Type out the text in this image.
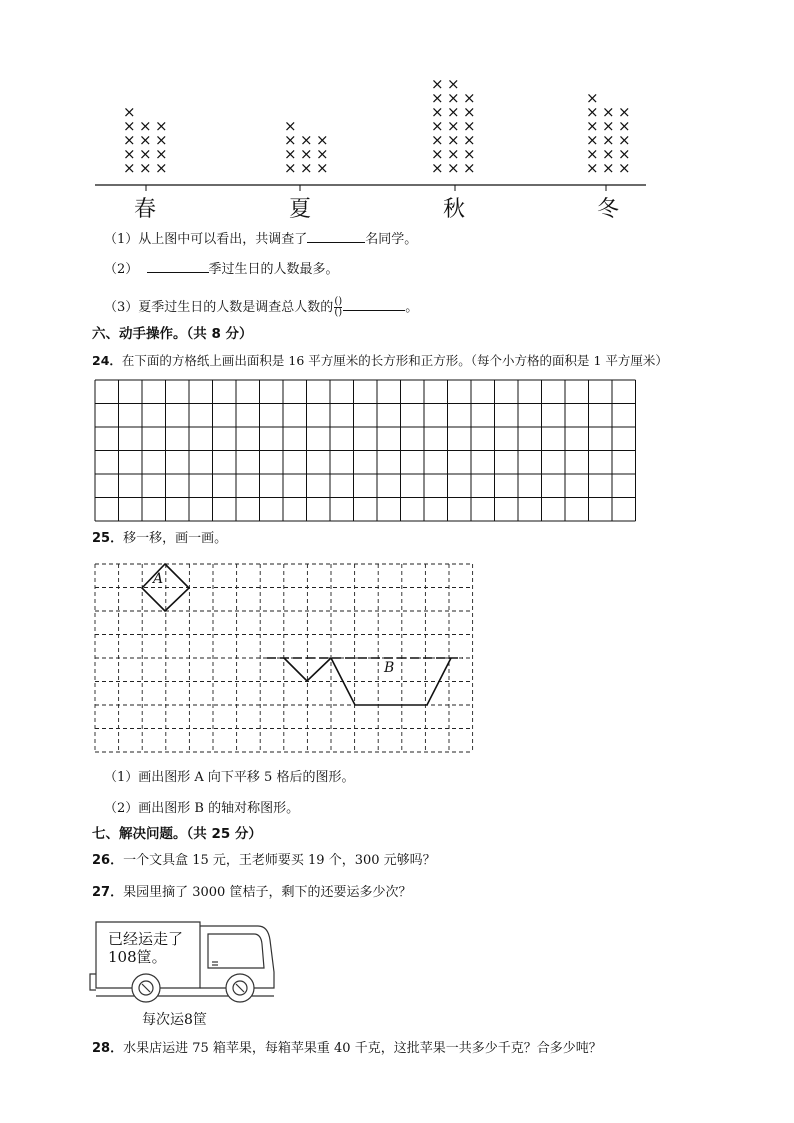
× × ×
× × ×
× × ×
× × ×
×
× × ×
× × ×
× × ×
×
× × ×
× × ×
× × ×
× × ×
× × ×
× × ×
× ×
× × ×
× × ×
× × ×
× × ×
× × ×
×
春	夏	秋	冬
（1）从上图中可以看出，共调查了	名同学。
（2）	季过生日的人数最多。
（3）夏季过生日的人数是调查总人数的 $\frac{()}{()}$	。
六、动手操作。（共 8 分）
24．在下面的方格纸上画出面积是 16 平方厘米的长方形和正方形。（每个小方格的面积是 1 平方厘米）
25．移一移，画一画。
A
B
（1）画出图形 A 向下平移 5 格后的图形。
（2）画出图形 B 的轴对称图形。
七、解决问题。（共 25 分）
26．一个文具盒 15 元，王老师要买 19 个，300 元够吗？
27．果园里摘了 3000 筐桔子，剩下的还要运多少次？
已经运走了
108筐。
每次运8筐
28．水果店运进 75 箱苹果，每箱苹果重 40 千克，这批苹果一共多少千克？合多少吨？
